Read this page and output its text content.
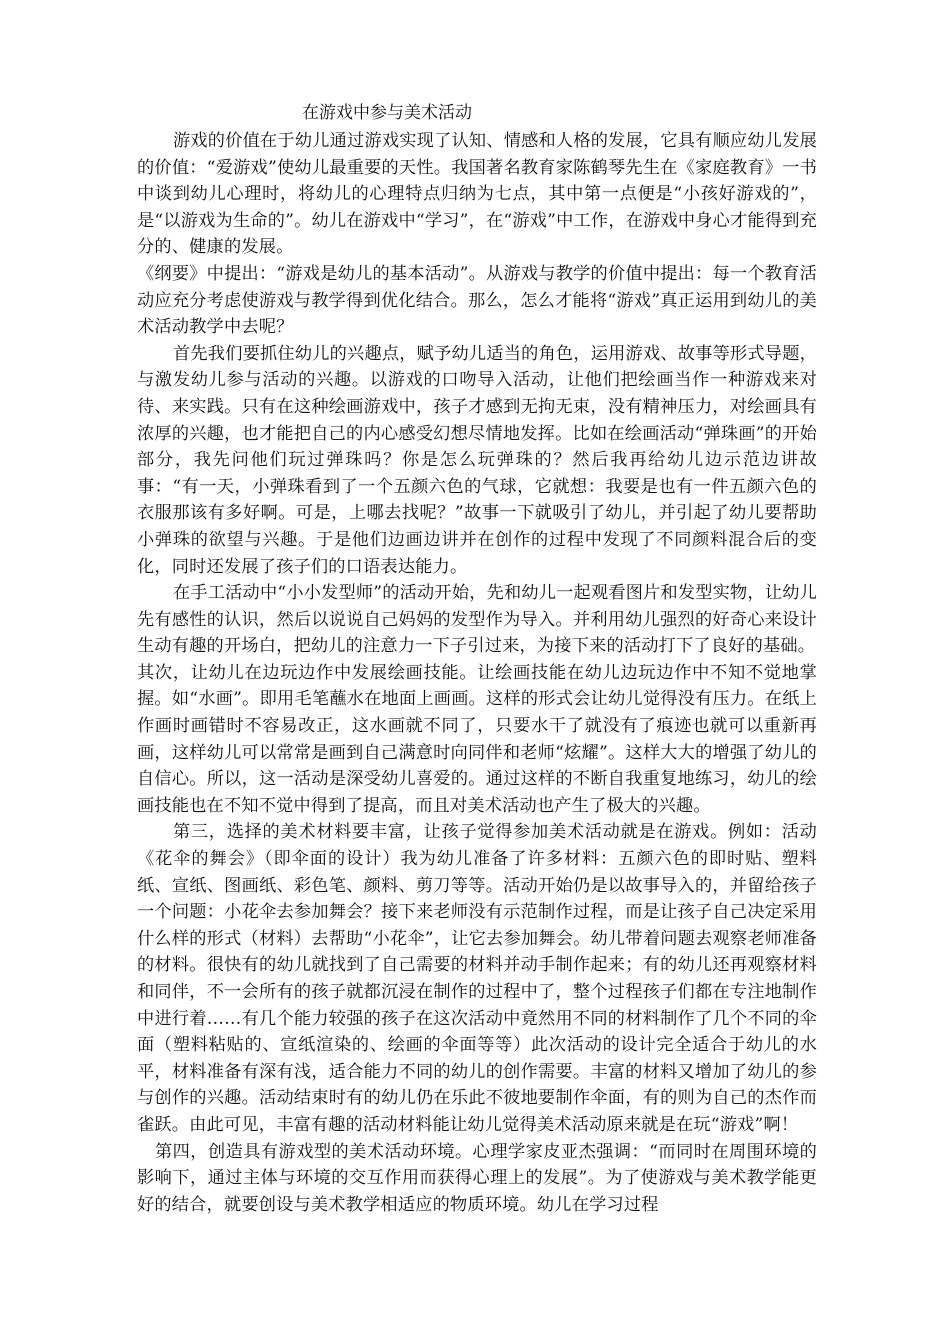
在游戏中参与美术活动

游戏的价值在于幼儿通过游戏实现了认知、情感和人格的发展，它具有顺应幼儿发展的价值：“爱游戏”使幼儿最重要的天性。我国著名教育家陈鹤琴先生在《家庭教育》一书中谈到幼儿心理时，将幼儿的心理特点归纳为七点，其中第一点便是“小孩好游戏的”，是“以游戏为生命的”。幼儿在游戏中“学习”，在“游戏”中工作，在游戏中身心才能得到充分的、健康的发展。

《纲要》中提出：“游戏是幼儿的基本活动”。从游戏与教学的价值中提出：每一个教育活动应充分考虑使游戏与教学得到优化结合。那么，怎么才能将“游戏”真正运用到幼儿的美术活动教学中去呢？

首先我们要抓住幼儿的兴趣点，赋予幼儿适当的角色，运用游戏、故事等形式导题，与激发幼儿参与活动的兴趣。以游戏的口吻导入活动，让他们把绘画当作一种游戏来对待、来实践。只有在这种绘画游戏中，孩子才感到无拘无束，没有精神压力，对绘画具有浓厚的兴趣，也才能把自己的内心感受幻想尽情地发挥。比如在绘画活动“弹珠画”的开始部分，我先问他们玩过弹珠吗？你是怎么玩弹珠的？然后我再给幼儿边示范边讲故事：“有一天，小弹珠看到了一个五颜六色的气球，它就想：我要是也有一件五颜六色的衣服那该有多好啊。可是，上哪去找呢？”故事一下就吸引了幼儿，并引起了幼儿要帮助小弹珠的欲望与兴趣。于是他们边画边讲并在创作的过程中发现了不同颜料混合后的变化，同时还发展了孩子们的口语表达能力。

在手工活动中“小小发型师”的活动开始，先和幼儿一起观看图片和发型实物，让幼儿先有感性的认识，然后以说说自己妈妈的发型作为导入。并利用幼儿强烈的好奇心来设计生动有趣的开场白，把幼儿的注意力一下子引过来，为接下来的活动打下了良好的基础。

其次，让幼儿在边玩边作中发展绘画技能。让绘画技能在幼儿边玩边作中不知不觉地掌握。如“水画”。即用毛笔蘸水在地面上画画。这样的形式会让幼儿觉得没有压力。在纸上作画时画错时不容易改正，这水画就不同了，只要水干了就没有了痕迹也就可以重新再画，这样幼儿可以常常是画到自己满意时向同伴和老师“炫耀”。这样大大的增强了幼儿的自信心。所以，这一活动是深受幼儿喜爱的。通过这样的不断自我重复地练习，幼儿的绘画技能也在不知不觉中得到了提高，而且对美术活动也产生了极大的兴趣。

第三，选择的美术材料要丰富，让孩子觉得参加美术活动就是在游戏。例如：活动《花伞的舞会》（即伞面的设计）我为幼儿准备了许多材料：五颜六色的即时贴、塑料纸、宣纸、图画纸、彩色笔、颜料、剪刀等等。活动开始仍是以故事导入的，并留给孩子一个问题：小花伞去参加舞会？接下来老师没有示范制作过程，而是让孩子自己决定采用什么样的形式（材料）去帮助“小花伞”，让它去参加舞会。幼儿带着问题去观察老师准备的材料。很快有的幼儿就找到了自己需要的材料并动手制作起来；有的幼儿还再观察材料和同伴，不一会所有的孩子就都沉浸在制作的过程中了，整个过程孩子们都在专注地制作中进行着……有几个能力较强的孩子在这次活动中竟然用不同的材料制作了几个不同的伞面（塑料粘贴的、宣纸渲染的、绘画的伞面等等）此次活动的设计完全适合于幼儿的水平，材料准备有深有浅，适合能力不同的幼儿的创作需要。丰富的材料又增加了幼儿的参与创作的兴趣。活动结束时有的幼儿仍在乐此不彼地要制作伞面，有的则为自己的杰作而雀跃。由此可见，丰富有趣的活动材料能让幼儿觉得美术活动原来就是在玩“游戏”啊！

第四，创造具有游戏型的美术活动环境。心理学家皮亚杰强调：“而同时在周围环境的影响下，通过主体与环境的交互作用而获得心理上的发展”。为了使游戏与美术教学能更好的结合，就要创设与美术教学相适应的物质环境。幼儿在学习过程
